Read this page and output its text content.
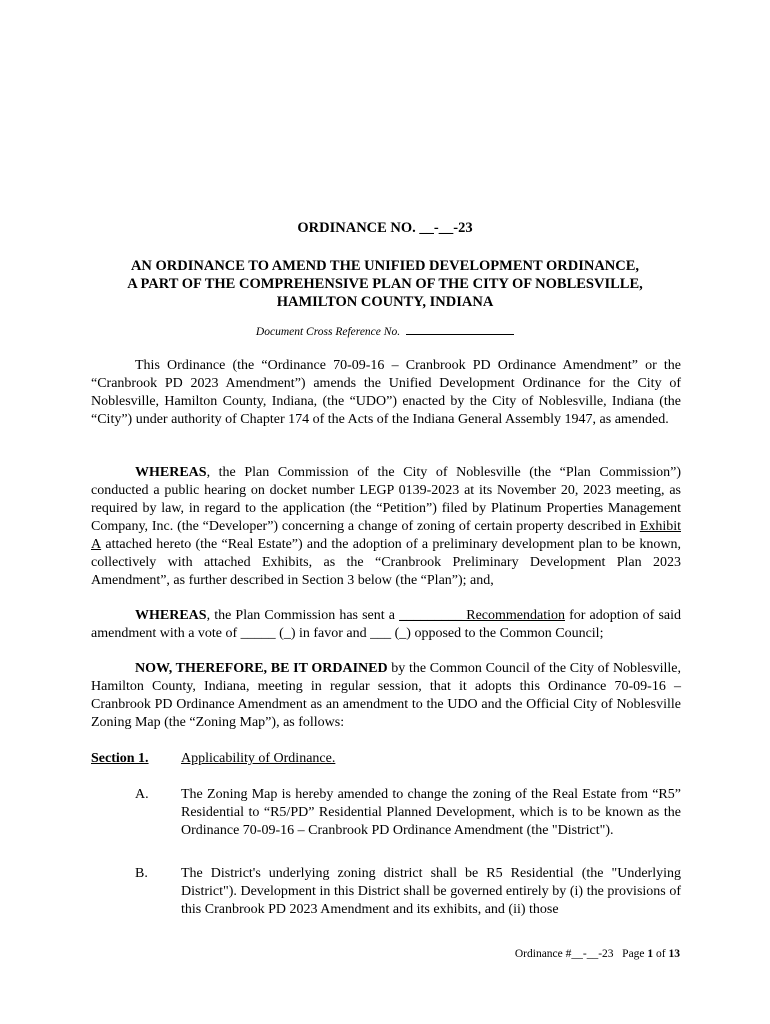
ORDINANCE NO. __-__-23
AN ORDINANCE TO AMEND THE UNIFIED DEVELOPMENT ORDINANCE,
A PART OF THE COMPREHENSIVE PLAN OF THE CITY OF NOBLESVILLE,
HAMILTON COUNTY, INDIANA
Document Cross Reference No.
This Ordinance (the “Ordinance 70-09-16 – Cranbrook PD Ordinance Amendment” or the “Cranbrook PD 2023 Amendment”) amends the Unified Development Ordinance for the City of Noblesville, Hamilton County, Indiana, (the “UDO”) enacted by the City of Noblesville, Indiana (the “City”) under authority of Chapter 174 of the Acts of the Indiana General Assembly 1947, as amended.
WHEREAS, the Plan Commission of the City of Noblesville (the “Plan Commission”) conducted a public hearing on docket number LEGP 0139-2023 at its November 20, 2023 meeting, as required by law, in regard to the application (the “Petition”) filed by Platinum Properties Management Company, Inc. (the “Developer”) concerning a change of zoning of certain property described in Exhibit A attached hereto (the “Real Estate”) and the adoption of a preliminary development plan to be known, collectively with attached Exhibits, as the “Cranbrook Preliminary Development Plan 2023 Amendment”, as further described in Section 3 below (the “Plan”); and,
WHEREAS, the Plan Commission has sent a _________ Recommendation for adoption of said amendment with a vote of _____ (_) in favor and ___ (_) opposed to the Common Council;
NOW, THEREFORE, BE IT ORDAINED by the Common Council of the City of Noblesville, Hamilton County, Indiana, meeting in regular session, that it adopts this Ordinance 70-09-16 – Cranbrook PD Ordinance Amendment as an amendment to the UDO and the Official City of Noblesville Zoning Map (the “Zoning Map”), as follows:
Section 1. Applicability of Ordinance.
A. The Zoning Map is hereby amended to change the zoning of the Real Estate from “R5” Residential to “R5/PD” Residential Planned Development, which is to be known as the Ordinance 70-09-16 – Cranbrook PD Ordinance Amendment (the "District").
B. The District's underlying zoning district shall be R5 Residential (the "Underlying District"). Development in this District shall be governed entirely by (i) the provisions of this Cranbrook PD 2023 Amendment and its exhibits, and (ii) those
Ordinance #__-__-23 Page 1 of 13
